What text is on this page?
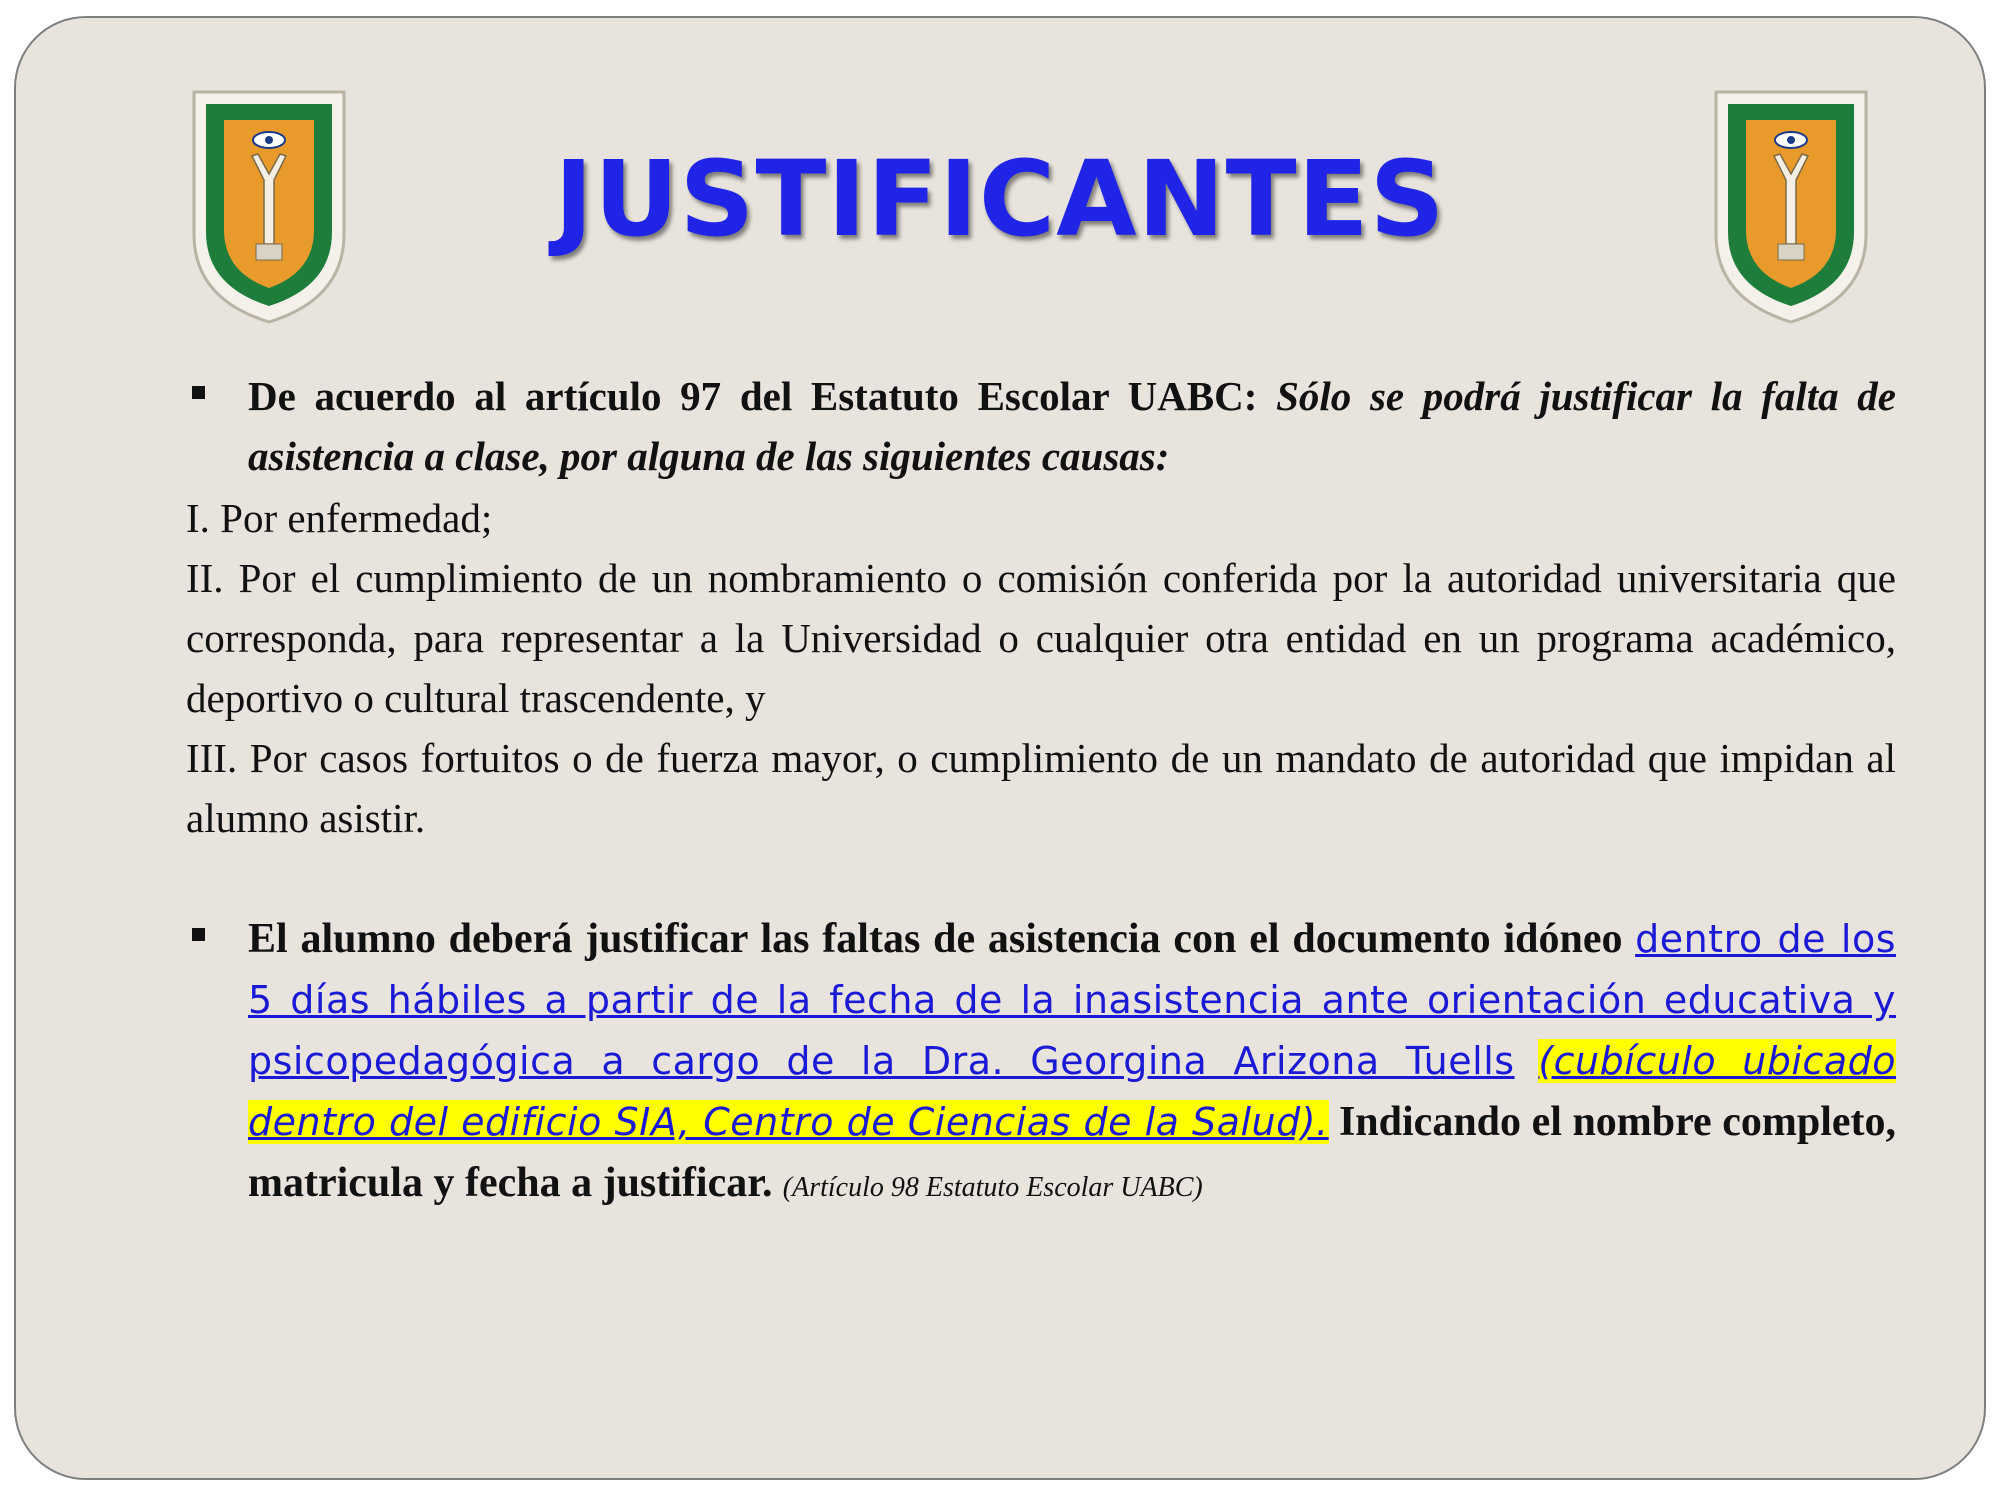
JUSTIFICANTES
De acuerdo al artículo 97 del Estatuto Escolar UABC: Sólo se podrá justificar la falta de asistencia a clase, por alguna de las siguientes causas:
I. Por enfermedad;
II. Por el cumplimiento de un nombramiento o comisión conferida por la autoridad universitaria que corresponda, para representar a la Universidad o cualquier otra entidad en un programa académico, deportivo o cultural trascendente, y
III. Por casos fortuitos o de fuerza mayor, o cumplimiento de un mandato de autoridad que impidan al alumno asistir.
El alumno deberá justificar las faltas de asistencia con el documento idóneo dentro de los 5 días hábiles a partir de la fecha de la inasistencia ante orientación educativa y psicopedagógica a cargo de la Dra. Georgina Arizona Tuells (cubículo ubicado dentro del edificio SIA, Centro de Ciencias de la Salud). Indicando el nombre completo, matricula y fecha a justificar. (Artículo 98 Estatuto Escolar UABC)
